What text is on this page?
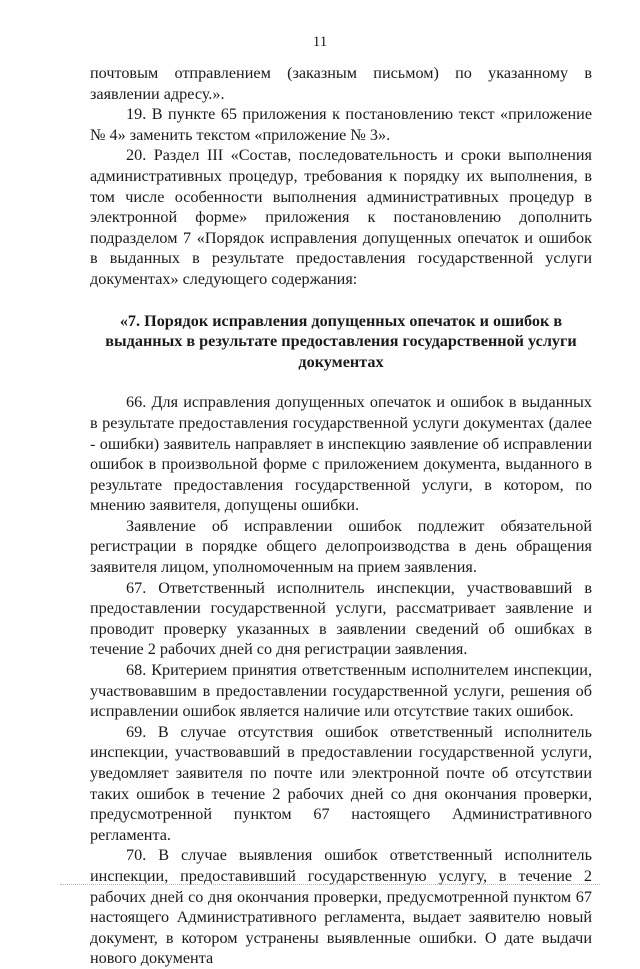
11

почтовым отправлением (заказным письмом) по указанному в заявлении адресу.».

19. В пункте 65 приложения к постановлению текст «приложение № 4» заменить текстом «приложение № 3».

20. Раздел III «Состав, последовательность и сроки выполнения административных процедур, требования к порядку их выполнения, в том числе особенности выполнения административных процедур в электронной форме» приложения к постановлению дополнить подразделом 7 «Порядок исправления допущенных опечаток и ошибок в выданных в результате предоставления государственной услуги документах» следующего содержания:

«7. Порядок исправления допущенных опечаток и ошибок в выданных в результате предоставления государственной услуги документах

66. Для исправления допущенных опечаток и ошибок в выданных в результате предоставления государственной услуги документах (далее - ошибки) заявитель направляет в инспекцию заявление об исправлении ошибок в произвольной форме с приложением документа, выданного в результате предоставления государственной услуги, в котором, по мнению заявителя, допущены ошибки.

Заявление об исправлении ошибок подлежит обязательной регистрации в порядке общего делопроизводства в день обращения заявителя лицом, уполномоченным на прием заявления.

67. Ответственный исполнитель инспекции, участвовавший в предоставлении государственной услуги, рассматривает заявление и проводит проверку указанных в заявлении сведений об ошибках в течение 2 рабочих дней со дня регистрации заявления.

68. Критерием принятия ответственным исполнителем инспекции, участвовавшим в предоставлении государственной услуги, решения об исправлении ошибок является наличие или отсутствие таких ошибок.

69. В случае отсутствия ошибок ответственный исполнитель инспекции, участвовавший в предоставлении государственной услуги, уведомляет заявителя по почте или электронной почте об отсутствии таких ошибок в течение 2 рабочих дней со дня окончания проверки, предусмотренной пунктом 67 настоящего Административного регламента.

70. В случае выявления ошибок ответственный исполнитель инспекции, предоставивший государственную услугу, в течение 2 рабочих дней со дня окончания проверки, предусмотренной пунктом 67 настоящего Административного регламента, выдает заявителю новый документ, в котором устранены выявленные ошибки. О дате выдачи нового документа
